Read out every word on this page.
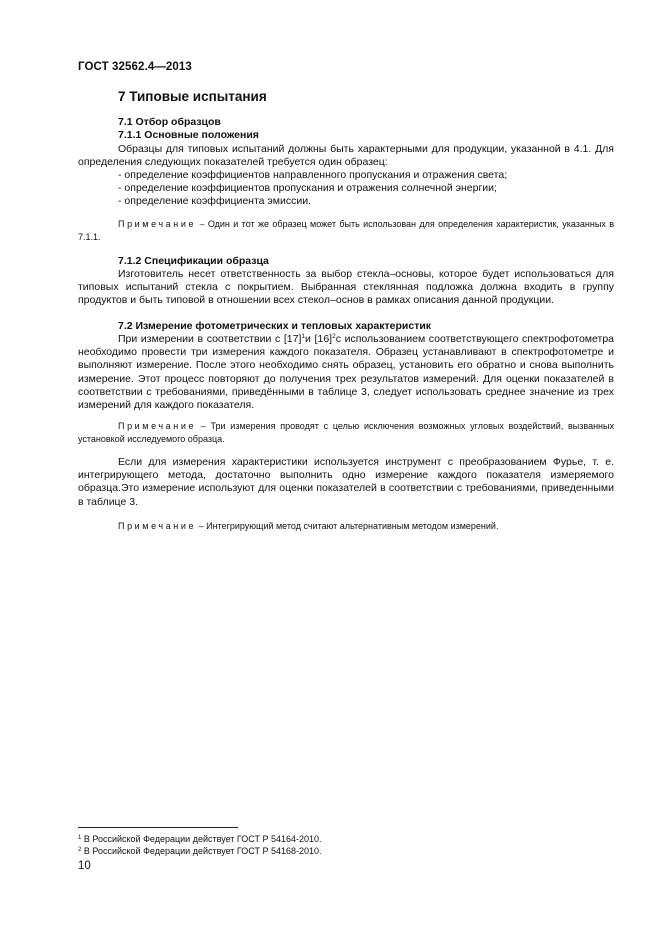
ГОСТ 32562.4—2013
7 Типовые испытания
7.1 Отбор образцов
7.1.1 Основные положения

Образцы для типовых испытаний должны быть характерными для продукции, указанной в 4.1. Для определения следующих показателей требуется один образец:

- определение коэффициентов направленного пропускания и отражения света;
- определение коэффициентов пропускания и отражения солнечной энергии;
- определение коэффициента эмиссии.

Примечание – Один и тот же образец может быть использован для определения характеристик, указанных в 7.1.1.

7.1.2 Спецификации образца

Изготовитель несет ответственность за выбор стекла–основы, которое будет использоваться для типовых испытаний стекла с покрытием. Выбранная стеклянная подложка должна входить в группу продуктов и быть типовой в отношении всех стекол–основ в рамках описания данной продукции.

7.2 Измерение фотометрических и тепловых характеристик

При измерении в соответствии с $[17]^1и$ $[16]^2с$ использованием соответствующего спектрофотометра необходимо провести три измерения каждого показателя. Образец устанавливают в спектрофотометре и выполняют измерение. После этого необходимо снять образец, установить его обратно и снова выполнить измерение. Этот процесс повторяют до получения трех результатов измерений. Для оценки показателей в соответствии с требованиями, приведёнными в таблице 3, следует использовать среднее значение из трех измерений для каждого показателя.

Примечание – Три измерения проводят с целью исключения возможных угловых воздействий, вызванных установкой исследуемого образца.

Если для измерения характеристики используется инструмент с преобразованием Фурье, т. е. интегрирующего метода, достаточно выполнить одно измерение каждого показателя измеряемого образца.Это измерение используют для оценки показателей в соответствии с требованиями, приведенными в таблице 3.

Примечание – Интегрирующий метод считают альтернативным методом измерений.

$^1$ В Российской Федерации действует ГОСТ Р 54164-2010.
$^2$ В Российской Федерации действует ГОСТ Р 54168-2010.
10
